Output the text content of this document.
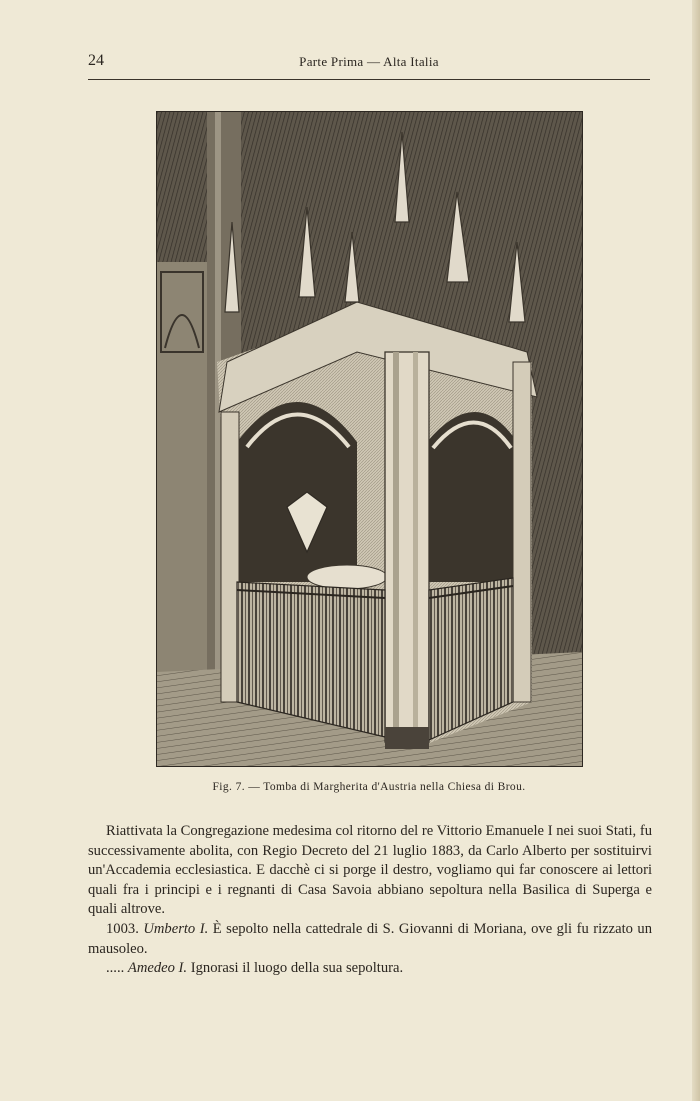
24	Parte Prima — Alta Italia
Fig. 7. — Tomba di Margherita d'Austria nella Chiesa di Brou.

Riattivata la Congregazione medesima col ritorno del re Vittorio Emanuele I nei suoi Stati, fu successivamente abolita, con Regio Decreto del 21 luglio 1883, da Carlo Alberto per sostituirvi un'Accademia ecclesiastica. E dacchè ci si porge il destro, vogliamo qui far conoscere ai lettori quali fra i principi e i regnanti di Casa Savoia abbiano sepoltura nella Basilica di Superga e quali altrove.

1003. Umberto I. È sepolto nella cattedrale di S. Giovanni di Moriana, ove gli fu rizzato un mausoleo.

..... Amedeo I. Ignorasi il luogo della sua sepoltura.
